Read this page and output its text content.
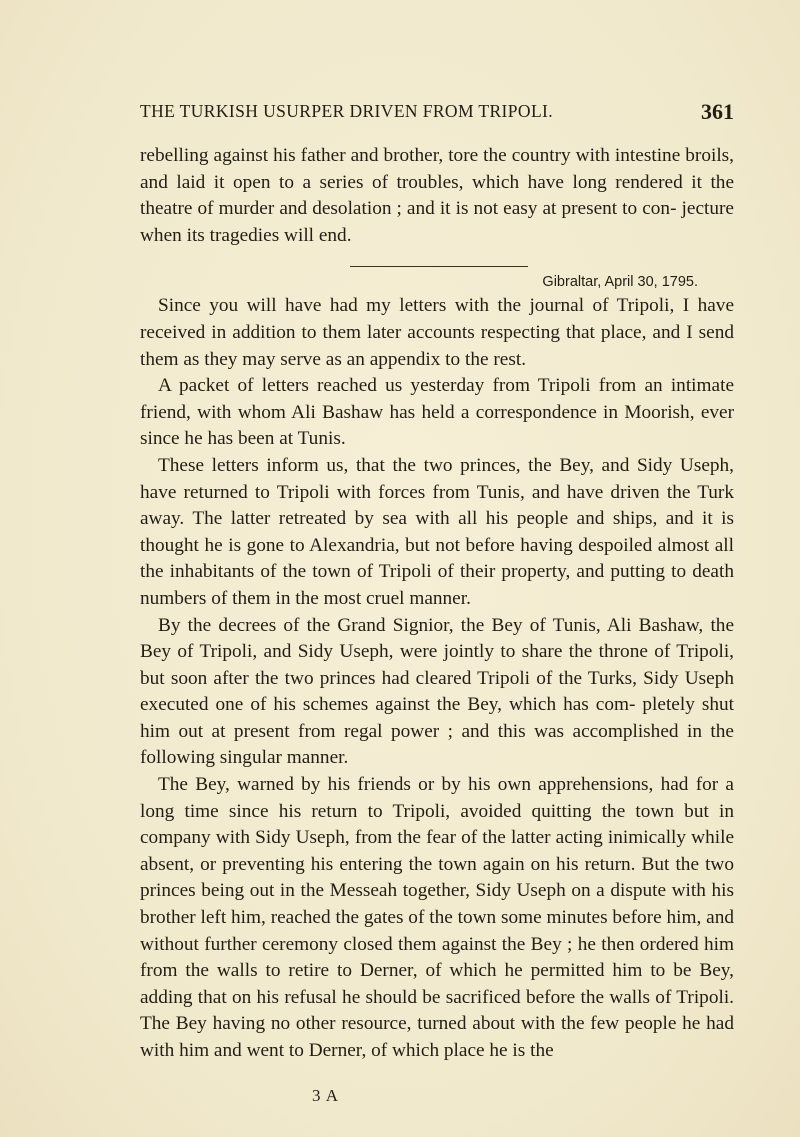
THE TURKISH USURPER DRIVEN FROM TRIPOLI.	361

rebelling against his father and brother, tore the country with intestine broils, and laid it open to a series of troubles, which have long rendered it the theatre of murder and desolation ; and it is not easy at present to con- jecture when its tragedies will end.

Gibraltar, April 30, 1795.

Since you will have had my letters with the journal of Tripoli, I have received in addition to them later accounts respecting that place, and I send them as they may serve as an appendix to the rest.

A packet of letters reached us yesterday from Tripoli from an intimate friend, with whom Ali Bashaw has held a correspondence in Moorish, ever since he has been at Tunis.

These letters inform us, that the two princes, the Bey, and Sidy Useph, have returned to Tripoli with forces from Tunis, and have driven the Turk away. The latter retreated by sea with all his people and ships, and it is thought he is gone to Alexandria, but not before having despoiled almost all the inhabitants of the town of Tripoli of their property, and putting to death numbers of them in the most cruel manner.

By the decrees of the Grand Signior, the Bey of Tunis, Ali Bashaw, the Bey of Tripoli, and Sidy Useph, were jointly to share the throne of Tripoli, but soon after the two princes had cleared Tripoli of the Turks, Sidy Useph executed one of his schemes against the Bey, which has com- pletely shut him out at present from regal power ; and this was accomplished in the following singular manner.

The Bey, warned by his friends or by his own apprehensions, had for a long time since his return to Tripoli, avoided quitting the town but in company with Sidy Useph, from the fear of the latter acting inimically while absent, or preventing his entering the town again on his return. But the two princes being out in the Messeah together, Sidy Useph on a dispute with his brother left him, reached the gates of the town some minutes before him, and without further ceremony closed them against the Bey ; he then ordered him from the walls to retire to Derner, of which he permitted him to be Bey, adding that on his refusal he should be sacrificed before the walls of Tripoli. The Bey having no other resource, turned about with the few people he had with him and went to Derner, of which place he is the

3 A
